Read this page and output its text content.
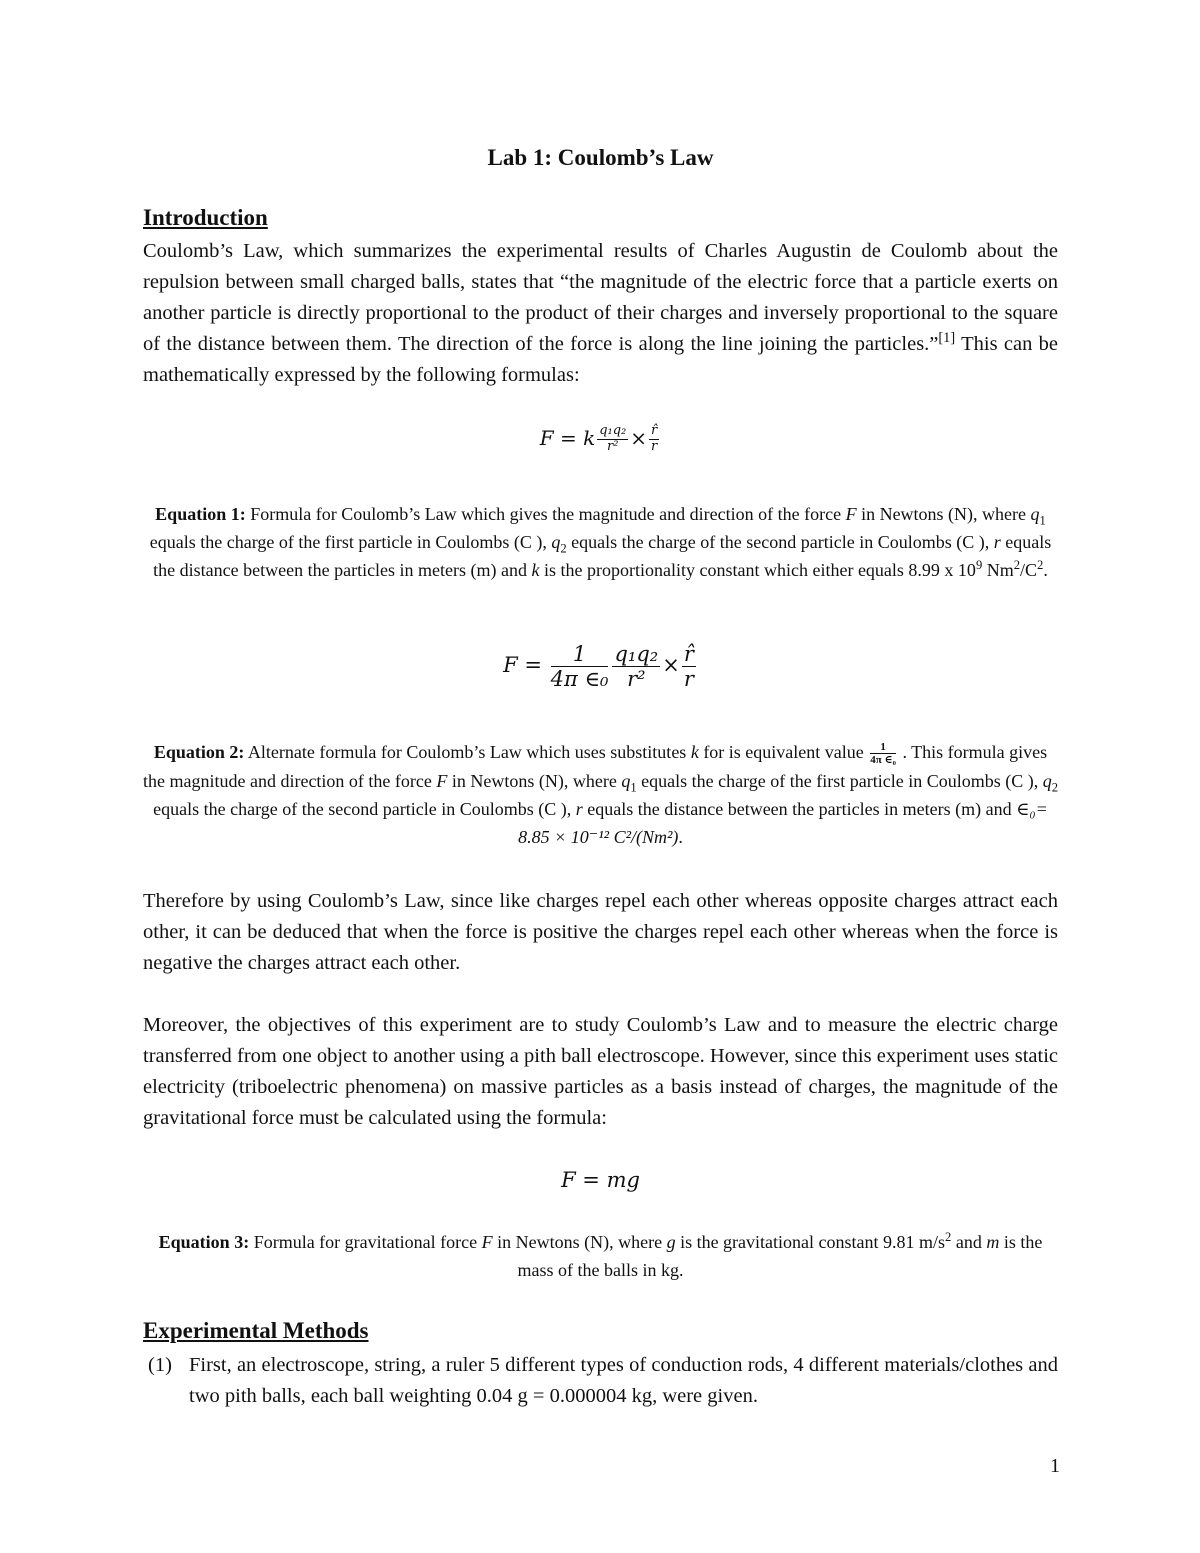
Lab 1: Coulomb’s Law
Introduction
Coulomb’s Law, which summarizes the experimental results of Charles Augustin de Coulomb about the repulsion between small charged balls, states that “the magnitude of the electric force that a particle exerts on another particle is directly proportional to the product of their charges and inversely proportional to the square of the distance between them. The direction of the force is along the line joining the particles.”[1] This can be mathematically expressed by the following formulas:
F = k $\frac{\text{q₁q₂}}{\text{r²}} \times \frac{r̂}{r}$
Equation 1: Formula for Coulomb’s Law which gives the magnitude and direction of the force F in Newtons (N), where $q_1$ equals the charge of the first particle in Coulombs (C ), $q_2$ equals the charge of the second particle in Coulombs (C ), r equals the distance between the particles in meters (m) and k is the proportionality constant which either equals 8.99 x $10^9$ $Nm^2/C^2$.
$F = \frac{1}{\text{4π ∈₀}} \frac{\text{q₁q₂}}{\text{r²}} \times \frac{r̂}{r}$
Equation 2: Alternate formula for Coulomb’s Law which uses substitutes k for is equivalent value $\frac{1}{\text{4π ∈₀}}$ . This formula gives the magnitude and direction of the force F in Newtons (N), where $q_1$ equals the charge of the first particle in Coulombs (C ), $q_2$ equals the charge of the second particle in Coulombs (C ), r equals the distance between the particles in meters (m) and ∈₀= 8.85 × 10⁻¹² C²/(Nm²).
Therefore by using Coulomb’s Law, since like charges repel each other whereas opposite charges attract each other, it can be deduced that when the force is positive the charges repel each other whereas when the force is negative the charges attract each other.
Moreover, the objectives of this experiment are to study Coulomb’s Law and to measure the electric charge transferred from one object to another using a pith ball electroscope. However, since this experiment uses static electricity (triboelectric phenomena) on massive particles as a basis instead of charges, the magnitude of the gravitational force must be calculated using the formula:
F = mg
Equation 3: Formula for gravitational force F in Newtons (N), where g is the gravitational constant 9.81 $m/s^2$ and m is the mass of the balls in kg.
Experimental Methods
(1) First, an electroscope, string, a ruler 5 different types of conduction rods, 4 different materials/clothes and two pith balls, each ball weighting 0.04 g = 0.000004 kg, were given.
1
